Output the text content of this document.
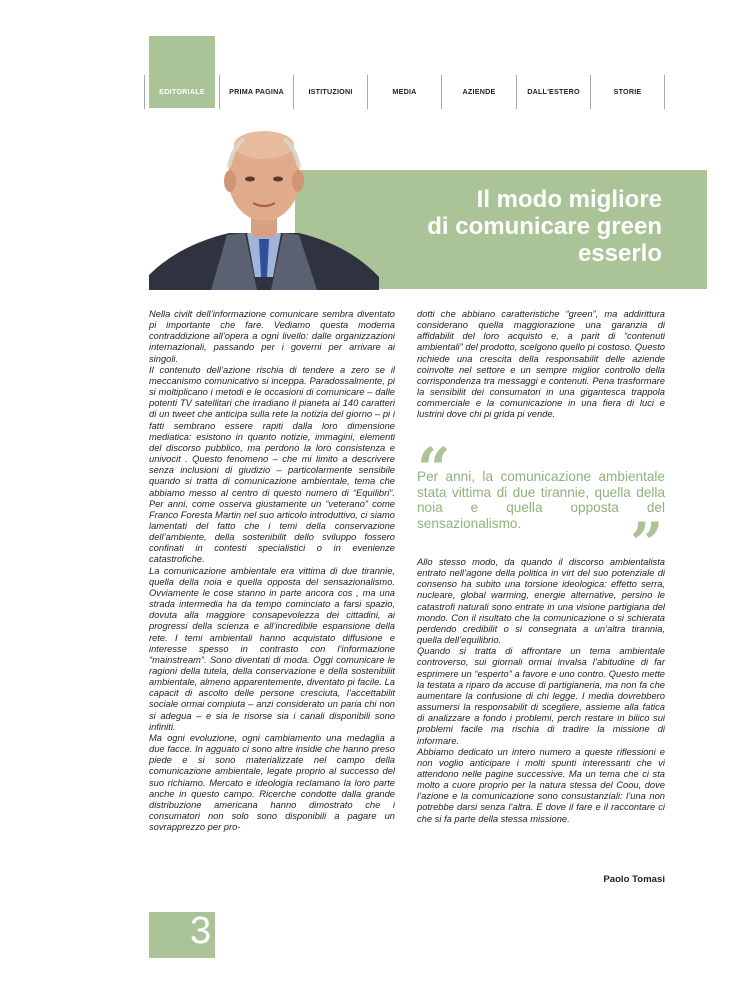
EDITORIALE	PRIMA PAGINA	ISTITUZIONI	MEDIA	AZIENDE	DALL'ESTERO	STORIE
Il modo migliore
di comunicare green
esserlo

Nella civilt dell’informazione comunicare sembra diventato pi importante che fare. Vediamo questa moderna contraddizione all’opera a ogni livello: dalle organizzazioni internazionali, passando per i governi per arrivare ai singoli.

Il contenuto dell’azione rischia di tendere a zero se il meccanismo comunicativo si inceppa. Paradossalmente, pi si moltiplicano i metodi e le occasioni di comunicare – dalle potenti TV satellitari che irradiano il pianeta ai 140 caratteri di un tweet che anticipa sulla rete la notizia del giorno – pi i fatti sembrano essere rapiti dalla loro dimensione mediatica: esistono in quanto notizie, immagini, elementi del discorso pubblico, ma perdono la loro consistenza e univocit . Questo fenomeno – che mi limito a descrivere senza inclusioni di giudizio – particolarmente sensibile quando si tratta di comunicazione ambientale, tema che abbiamo messo al centro di questo numero di “Equilibri”. Per anni, come osserva giustamente un “veterano” come Franco Foresta Martin nel suo articolo introduttivo, ci siamo lamentati del fatto che i temi della conservazione dell’ambiente, della sostenibilit dello sviluppo fossero confinati in contesti specialistici o in evenienze catastrofiche.

La comunicazione ambientale era vittima di due tirannie, quella della noia e quella opposta del sensazionalismo. Ovviamente le cose stanno in parte ancora cos , ma una strada intermedia ha da tempo cominciato a farsi spazio, dovuta alla maggiore consapevolezza dei cittadini, ai progressi della scienza e all’incredibile espansione della rete. I temi ambientali hanno acquistato diffusione e interesse spesso in contrasto con l’informazione “mainstream”. Sono diventati di moda. Oggi comunicare le ragioni della tutela, della conservazione e della sostenibilit ambientale, almeno apparentemente, diventato pi facile. La capacit di ascolto delle persone cresciuta, l’accettabilit sociale ormai compiuta – anzi considerato un paria chi non si adegua – e sia le risorse sia i canali disponibili sono infiniti.

Ma ogni evoluzione, ogni cambiamento una medaglia a due facce. In agguato ci sono altre insidie che hanno preso piede e si sono materializzate nel campo della comunicazione ambientale, legate proprio al successo del suo richiamo. Mercato e ideologia reclamano la loro parte anche in questo campo. Ricerche condotte dalla grande distribuzione americana hanno dimostrato che i consumatori non solo sono disponibili a pagare un sovrapprezzo per pro-

dotti che abbiano caratteristiche “green”, ma addirittura considerano quella maggiorazione una garanzia di affidabilit del loro acquisto e, a parit di “contenuti ambientali” del prodotto, scelgono quello pi costoso. Questo richiede una crescita della responsabilit delle aziende coinvolte nel settore e un sempre miglior controllo della corrispondenza tra messaggi e contenuti. Pena trasformare la sensibilit dei consumatori in una gigantesca trappola commerciale e la comunicazione in una fiera di luci e lustrini dove chi pi grida pi vende.

“
Per anni, la comunicazione ambientale stata vittima di due tirannie, quella della noia e quella opposta del sensazionalismo.	”

Allo stesso modo, da quando il discorso ambientalista entrato nell’agone della politica in virt del suo potenziale di consenso ha subito una torsione ideologica: effetto serra, nucleare, global warming, energie alternative, persino le catastrofi naturali sono entrate in una visione partigiana del mondo. Con il risultato che la comunicazione o si schierata perdendo credibilit o si consegnata a un’altra tirannia, quella dell’equilibrio.

Quando si tratta di affrontare un tema ambientale controverso, sui giornali ormai invalsa l’abitudine di far esprimere un “esperto” a favore e uno contro. Questo mette la testata a riparo da accuse di partigianeria, ma non fa che aumentare la confusione di chi legge. I media dovrebbero assumersi la responsabilit di scegliere, assieme alla fatica di analizzare a fondo i problemi, perch restare in bilico sui problemi facile ma rischia di tradire la missione di informare.

Abbiamo dedicato un intero numero a queste riflessioni e non voglio anticipare i molti spunti interessanti che vi attendono nelle pagine successive. Ma un tema che ci sta molto a cuore proprio per la natura stessa del Coou, dove l’azione e la comunicazione sono consustanziali: l’una non potrebbe darsi senza l’altra. E dove il fare e il raccontare ci che si fa parte della stessa missione.

Paolo Tomasi
3
